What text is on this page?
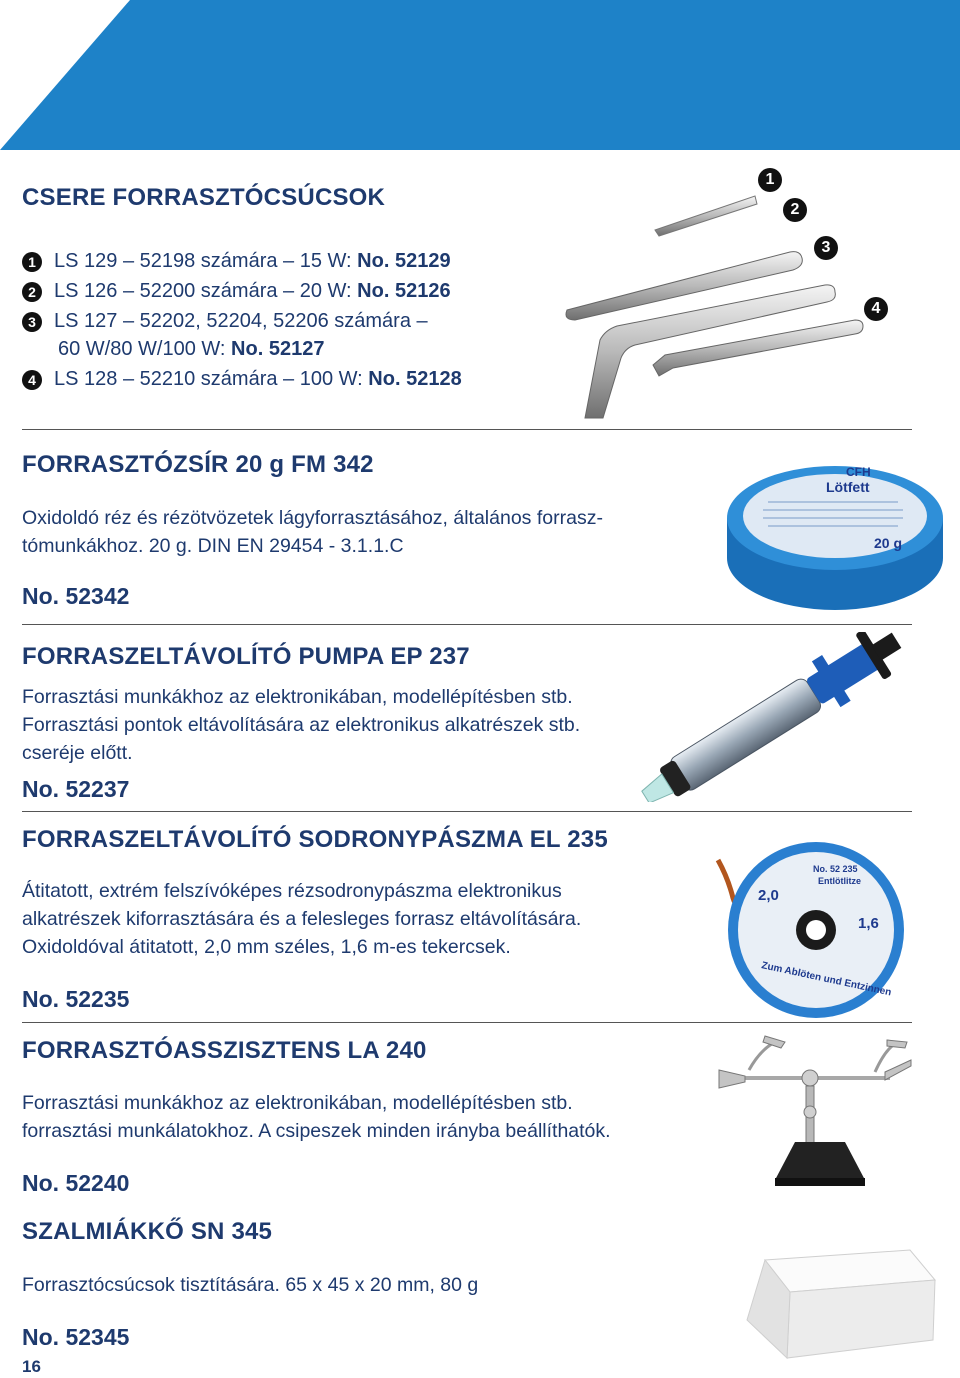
CSERE FORRASZTÓCSÚCSOK
1 LS 129 – 52198 számára – 15 W: No. 52129
2 LS 126 – 52200 számára – 20 W: No. 52126
3 LS 127 – 52202, 52204, 52206 számára –
60 W/80 W/100 W: No. 52127
4 LS 128 – 52210 számára – 100 W: No. 52128
1
2
3
4
FORRASZTÓZSÍR 20 g FM 342
Oxidoldó réz és rézötvözetek lágyforrasztásához, általános forrasz-
tómunkákhoz. 20 g. DIN EN 29454 - 3.1.1.C
No. 52342
CFH
Lötfett
20 g
FORRASZELTÁVOLÍTÓ PUMPA EP 237
Forrasztási munkákhoz az elektronikában, modellépítésben stb.
Forrasztási pontok eltávolítására az elektronikus alkatrészek stb.
cseréje előtt.
No. 52237
FORRASZELTÁVOLÍTÓ SODRONYPÁSZMA EL 235
Átitatott, extrém felszívóképes rézsodronypászma elektronikus
alkatrészek kiforrasztására és a felesleges forrasz eltávolítására.
Oxidoldóval átitatott, 2,0 mm széles, 1,6 m-es tekercsek.
No. 52235
No. 52 235
Entlötlitze
2,0
1,6
Zum Ablöten und Entzinnen
FORRASZTÓASSZISZTENS LA 240
Forrasztási munkákhoz az elektronikában, modellépítésben stb.
forrasztási munkálatokhoz. A csipeszek minden irányba beállíthatók.
No. 52240
SZALMIÁKKŐ SN 345
Forrasztócsúcsok tisztítására. 65 x 45 x 20 mm, 80 g
No. 52345
16
